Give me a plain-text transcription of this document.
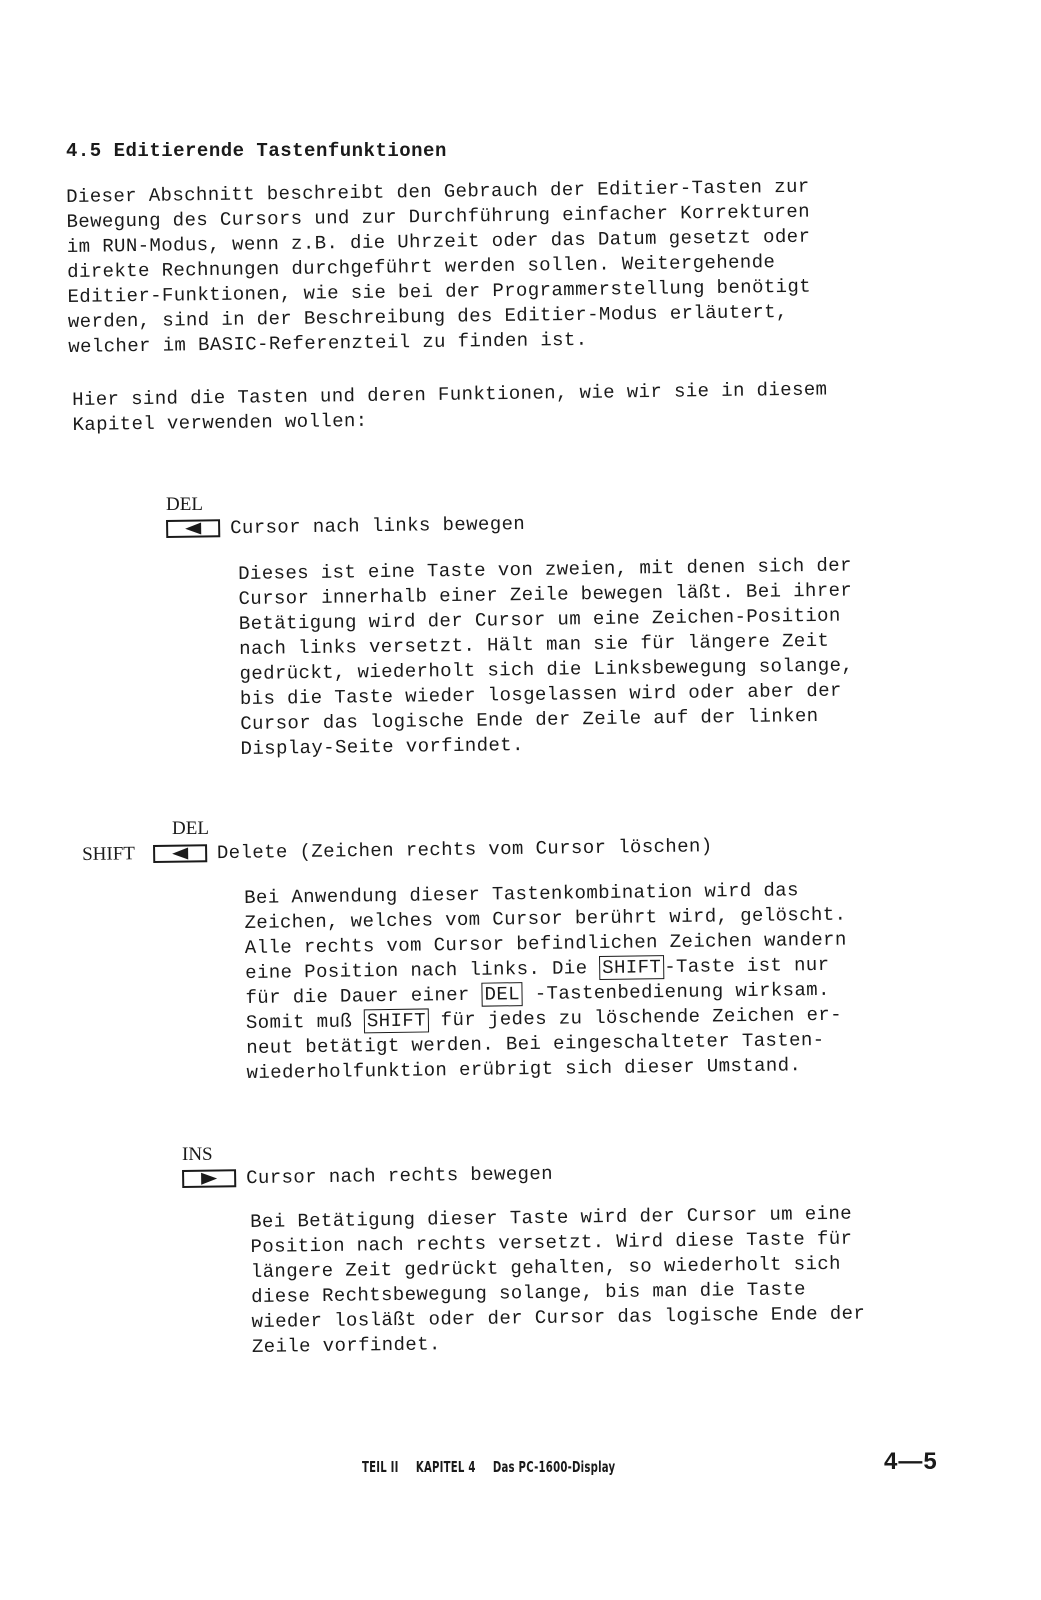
4.5 Editierende Tastenfunktionen
Dieser Abschnitt beschreibt den Gebrauch der Editier-Tasten zur
Bewegung des Cursors und zur Durchführung einfacher Korrekturen
im RUN-Modus, wenn z.B. die Uhrzeit oder das Datum gesetzt oder
direkte Rechnungen durchgeführt werden sollen. Weitergehende
Editier-Funktionen, wie sie bei der Programmerstellung benötigt
werden, sind in der Beschreibung des Editier-Modus erläutert,
welcher im BASIC-Referenzteil zu finden ist.
Hier sind die Tasten und deren Funktionen, wie wir sie in diesem
Kapitel verwenden wollen:
DEL
Cursor nach links bewegen
Dieses ist eine Taste von zweien, mit denen sich der
Cursor innerhalb einer Zeile bewegen läßt. Bei ihrer
Betätigung wird der Cursor um eine Zeichen-Position
nach links versetzt. Hält man sie für längere Zeit
gedrückt, wiederholt sich die Linksbewegung solange,
bis die Taste wieder losgelassen wird oder aber der
Cursor das logische Ende der Zeile auf der linken
Display-Seite vorfindet.
DEL
SHIFT	Delete (Zeichen rechts vom Cursor löschen)
Bei Anwendung dieser Tastenkombination wird das
Zeichen, welches vom Cursor berührt wird, gelöscht.
Alle rechts vom Cursor befindlichen Zeichen wandern
eine Position nach links. Die SHIFT -Taste ist nur
für die Dauer einer DEL -Tastenbedienung wirksam.
Somit muß SHIFT für jedes zu löschende Zeichen er-
neut betätigt werden. Bei eingeschalteter Tasten-
wiederholfunktion erübrigt sich dieser Umstand.
INS
Cursor nach rechts bewegen
Bei Betätigung dieser Taste wird der Cursor um eine
Position nach rechts versetzt. Wird diese Taste für
längere Zeit gedrückt gehalten, so wiederholt sich
diese Rechtsbewegung solange, bis man die Taste
wieder losläßt oder der Cursor das logische Ende der
Zeile vorfindet.
TEIL II KAPITEL 4 Das PC-1600-Display	4—5
